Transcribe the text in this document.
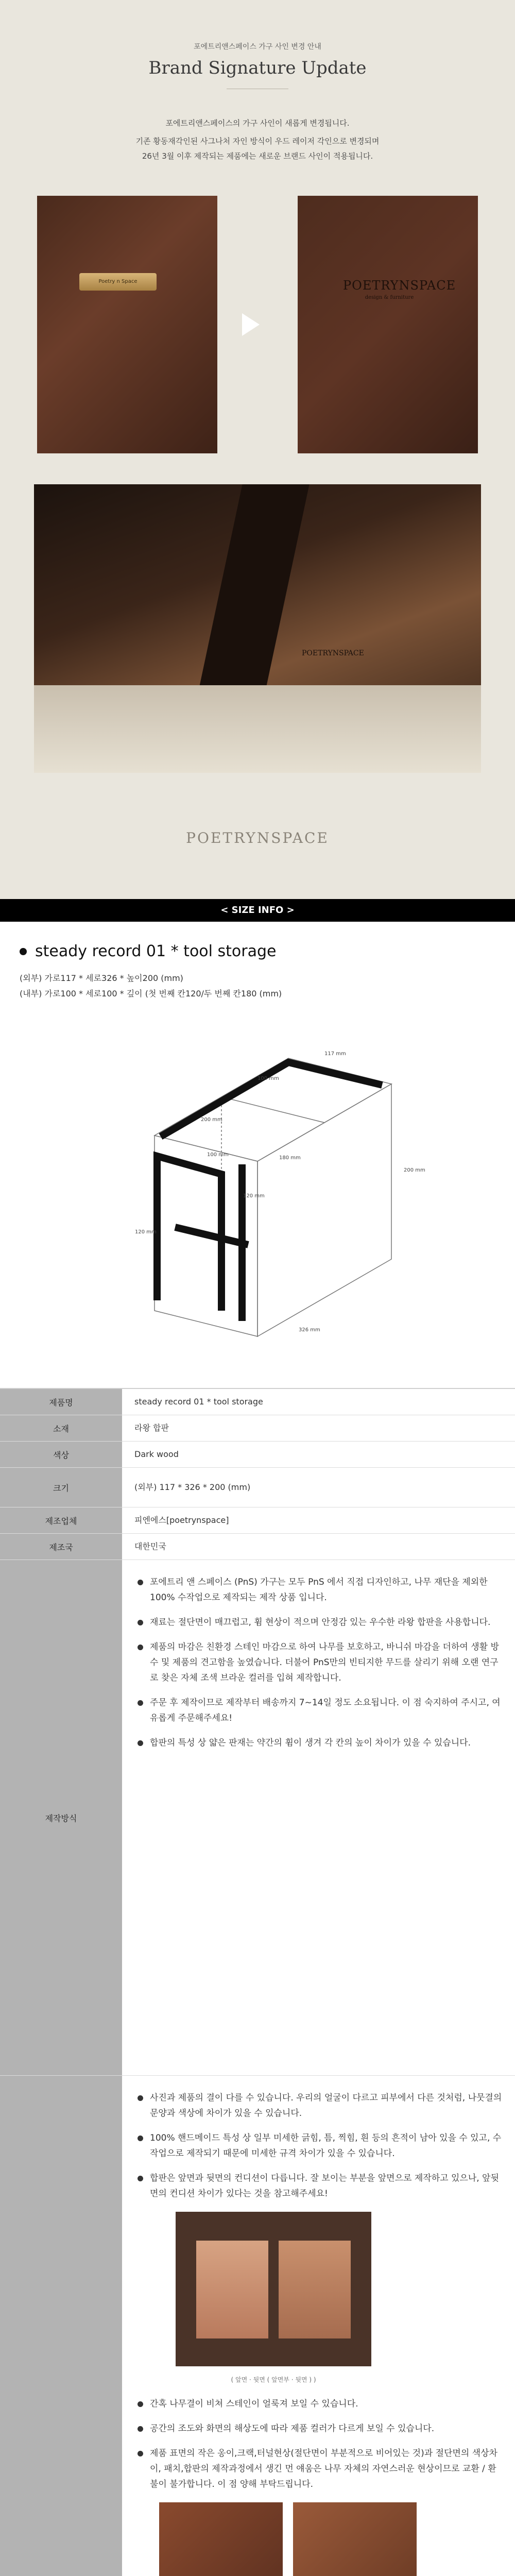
포에트리앤스페이스 가구 사인 변경 안내
Brand Signature Update
포에트리앤스페이스의 가구 사인이 새롭게 변경됩니다.
기존 황동재각인된 사그나처 자인 방식이 우드 레이저 각인으로 변경되며
26년 3월 이후 제작되는 제품에는 새로운 브랜드 사인이 적용됩니다.
Poetry n Space	POETRYNSPACE
design & furniture
POETRYNSPACE
POETRYNSPACE
< SIZE INFO >
steady record 01 * tool storage
(외부) 가로117 * 세로326 * 높이200 (mm)
(내부) 가로100 * 세로100 * 깊이 (첫 번째 칸120/두 번째 칸180 (mm)
117 mm
100 mm
200 mm
100 mm
120 mm
180 mm
200 mm
326 mm
120 mm
제품명	steady record 01 * tool storage
소재	라왕 합판
색상	Dark wood
크기	(외부) 117 * 326 * 200 (mm)
제조업체	피엔에스[poetrynspace]
제조국	대한민국
제작방식
포에트리 앤 스페이스 (PnS) 가구는 모두 PnS 에서 직접 디자인하고, 나무 재단을 제외한 100% 수작업으로 제작되는 제작 상품 입니다.
재료는 절단면이 매끄럽고, 휨 현상이 적으며 안정감 있는 우수한 라왕 합판을 사용합니다.
제품의 마감은 친환경 스테인 마감으로 하여 나무를 보호하고, 바니쉬 마감을 더하여 생활 방수 및 제품의 견고함을 높였습니다. 더불어 PnS만의 빈티지한 무드를 살리기 위해 오랜 연구로 찾은 자체 조색 브라운 컬러를 입혀 제작합니다.
주문 후 제작이므로 제작부터 배송까지 7~14일 정도 소요됩니다. 이 점 숙지하여 주시고, 여유롭게 주문해주세요!
합판의 특성 상 얇은 판재는 약간의 휨이 생겨 각 칸의 높이 차이가 있을 수 있습니다.
사진과 제품의 결이 다를 수 있습니다. 우리의 얼굴이 다르고 피부에서 다른 것처럼, 나뭇결의 문양과 색상에 차이가 있을 수 있습니다.
100% 핸드메이드 특성 상 일부 미세한 긁힘, 틈, 찍힘, 흰 등의 흔적이 남아 있을 수 있고, 수작업으로 제작되기 때문에 미세한 규격 차이가 있을 수 있습니다.
합판은 앞면과 뒷면의 컨디션이 다릅니다. 잘 보이는 부분을 앞면으로 제작하고 있으나, 앞뒷면의 컨디션 차이가 있다는 것을 참고해주세요!
( 앞면 · 뒷면 ( 앞면부 · 뒷면 ) )
간혹 나무결이 비쳐 스테인이 얼룩져 보일 수 있습니다.
공간의 조도와 화면의 해상도에 따라 제품 컬러가 다르게 보일 수 있습니다.
제품 표면의 작은 옹이,크랙,터널현상(절단면이 부분적으로 비어있는 것)과 절단면의 색상차이, 패치,합판의 제작과정에서 생긴 먼 얘움은 나무 자체의 자연스러운 현상이므로 교환 / 환불이 불가합니다. 이 점 양해 부탁드립니다.
